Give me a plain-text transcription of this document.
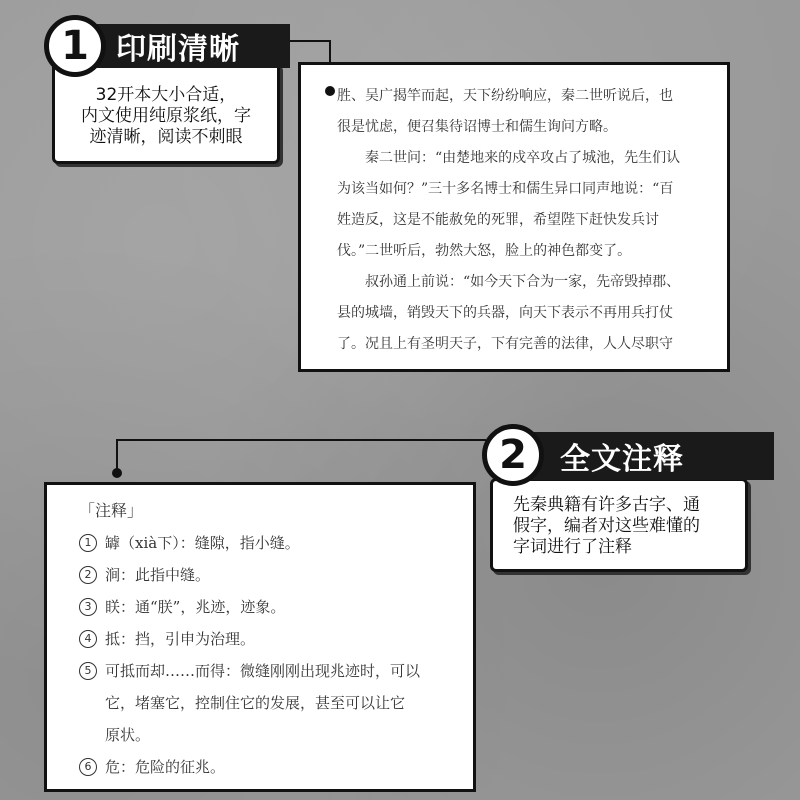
印刷清晰
1
32开本大小合适，
内文使用纯原浆纸，字
迹清晰，阅读不刺眼

胜、吴广揭竿而起，天下纷纷响应，秦二世听说后，也

很是忧虑，便召集待诏博士和儒生询问方略。

　　秦二世问：“由楚地来的戍卒攻占了城池，先生们认

为该当如何？”三十多名博士和儒生异口同声地说：“百

姓造反，这是不能赦免的死罪，希望陛下赶快发兵讨

伐。”二世听后，勃然大怒，脸上的神色都变了。

　　叔孙通上前说：“如今天下合为一家，先帝毁掉郡、

县的城墙，销毁天下的兵器，向天下表示不再用兵打仗

了。况且上有圣明天子，下有完善的法律，人人尽职守

全文注释
2
先秦典籍有许多古字、通
假字，编者对这些难懂的
字词进行了注释
「注释」
1 罅（xià下）：缝隙，指小缝。
2 涧：此指中缝。
3 眹：通“朕”，兆迹，迹象。
4 抵：挡，引申为治理。
5 可抵而却……而得：微缝刚刚出现兆迹时，可以
它，堵塞它，控制住它的发展，甚至可以让它
原状。
6 危：危险的征兆。
